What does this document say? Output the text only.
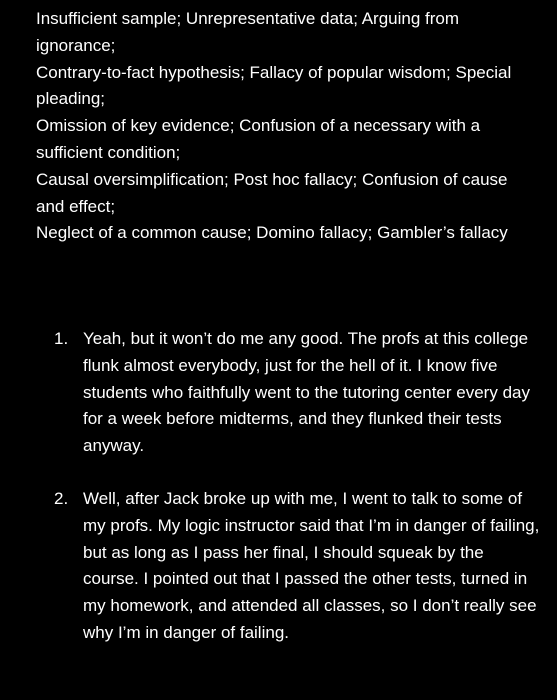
Insufficient sample; Unrepresentative data; Arguing from ignorance;

Contrary-to-fact hypothesis; Fallacy of popular wisdom; Special pleading;

Omission of key evidence; Confusion of a necessary with a sufficient condition;

Causal oversimplification; Post hoc fallacy; Confusion of cause and effect;

Neglect of a common cause; Domino fallacy; Gambler’s fallacy

1. Yeah, but it won’t do me any good. The profs at this college flunk almost everybody, just for the hell of it. I know five students who faithfully went to the tutoring center every day for a week before midterms, and they flunked their tests anyway.
2. Well, after Jack broke up with me, I went to talk to some of my profs. My logic instructor said that I’m in danger of failing, but as long as I pass her final, I should squeak by the course. I pointed out that I passed the other tests, turned in my homework, and attended all classes, so I don’t really see why I’m in danger of failing.
